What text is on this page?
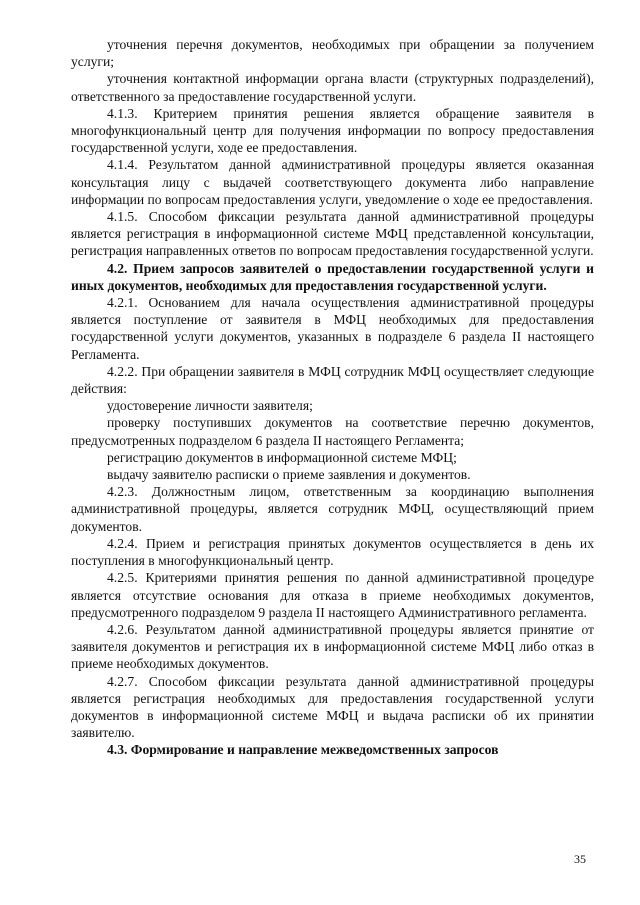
уточнения перечня документов, необходимых при обращении за получением услуги;

уточнения контактной информации органа власти (структурных подразделений), ответственного за предоставление государственной услуги.

4.1.3. Критерием принятия решения является обращение заявителя в многофункциональный центр для получения информации по вопросу предоставления государственной услуги, ходе ее предоставления.

4.1.4. Результатом данной административной процедуры является оказанная консультация лицу с выдачей соответствующего документа либо направление информации по вопросам предоставления услуги, уведомление о ходе ее предоставления.

4.1.5. Способом фиксации результата данной административной процедуры является регистрация в информационной системе МФЦ представленной консультации, регистрация направленных ответов по вопросам предоставления государственной услуги.

4.2. Прием запросов заявителей о предоставлении государственной услуги и иных документов, необходимых для предоставления государственной услуги.

4.2.1. Основанием для начала осуществления административной процедуры является поступление от заявителя в МФЦ необходимых для предоставления государственной услуги документов, указанных в подразделе 6 раздела II настоящего Регламента.

4.2.2. При обращении заявителя в МФЦ сотрудник МФЦ осуществляет следующие действия:

удостоверение личности заявителя;

проверку поступивших документов на соответствие перечню документов, предусмотренных подразделом 6 раздела II настоящего Регламента;

регистрацию документов в информационной системе МФЦ;

выдачу заявителю расписки о приеме заявления и документов.

4.2.3. Должностным лицом, ответственным за координацию выполнения административной процедуры, является сотрудник МФЦ, осуществляющий прием документов.

4.2.4. Прием и регистрация принятых документов осуществляется в день их поступления в многофункциональный центр.

4.2.5. Критериями принятия решения по данной административной процедуре является отсутствие основания для отказа в приеме необходимых документов, предусмотренного подразделом 9 раздела II настоящего Административного регламента.

4.2.6. Результатом данной административной процедуры является принятие от заявителя документов и регистрация их в информационной системе МФЦ либо отказ в приеме необходимых документов.

4.2.7. Способом фиксации результата данной административной процедуры является регистрация необходимых для предоставления государственной услуги документов в информационной системе МФЦ и выдача расписки об их принятии заявителю.

4.3. Формирование и направление межведомственных запросов

35
